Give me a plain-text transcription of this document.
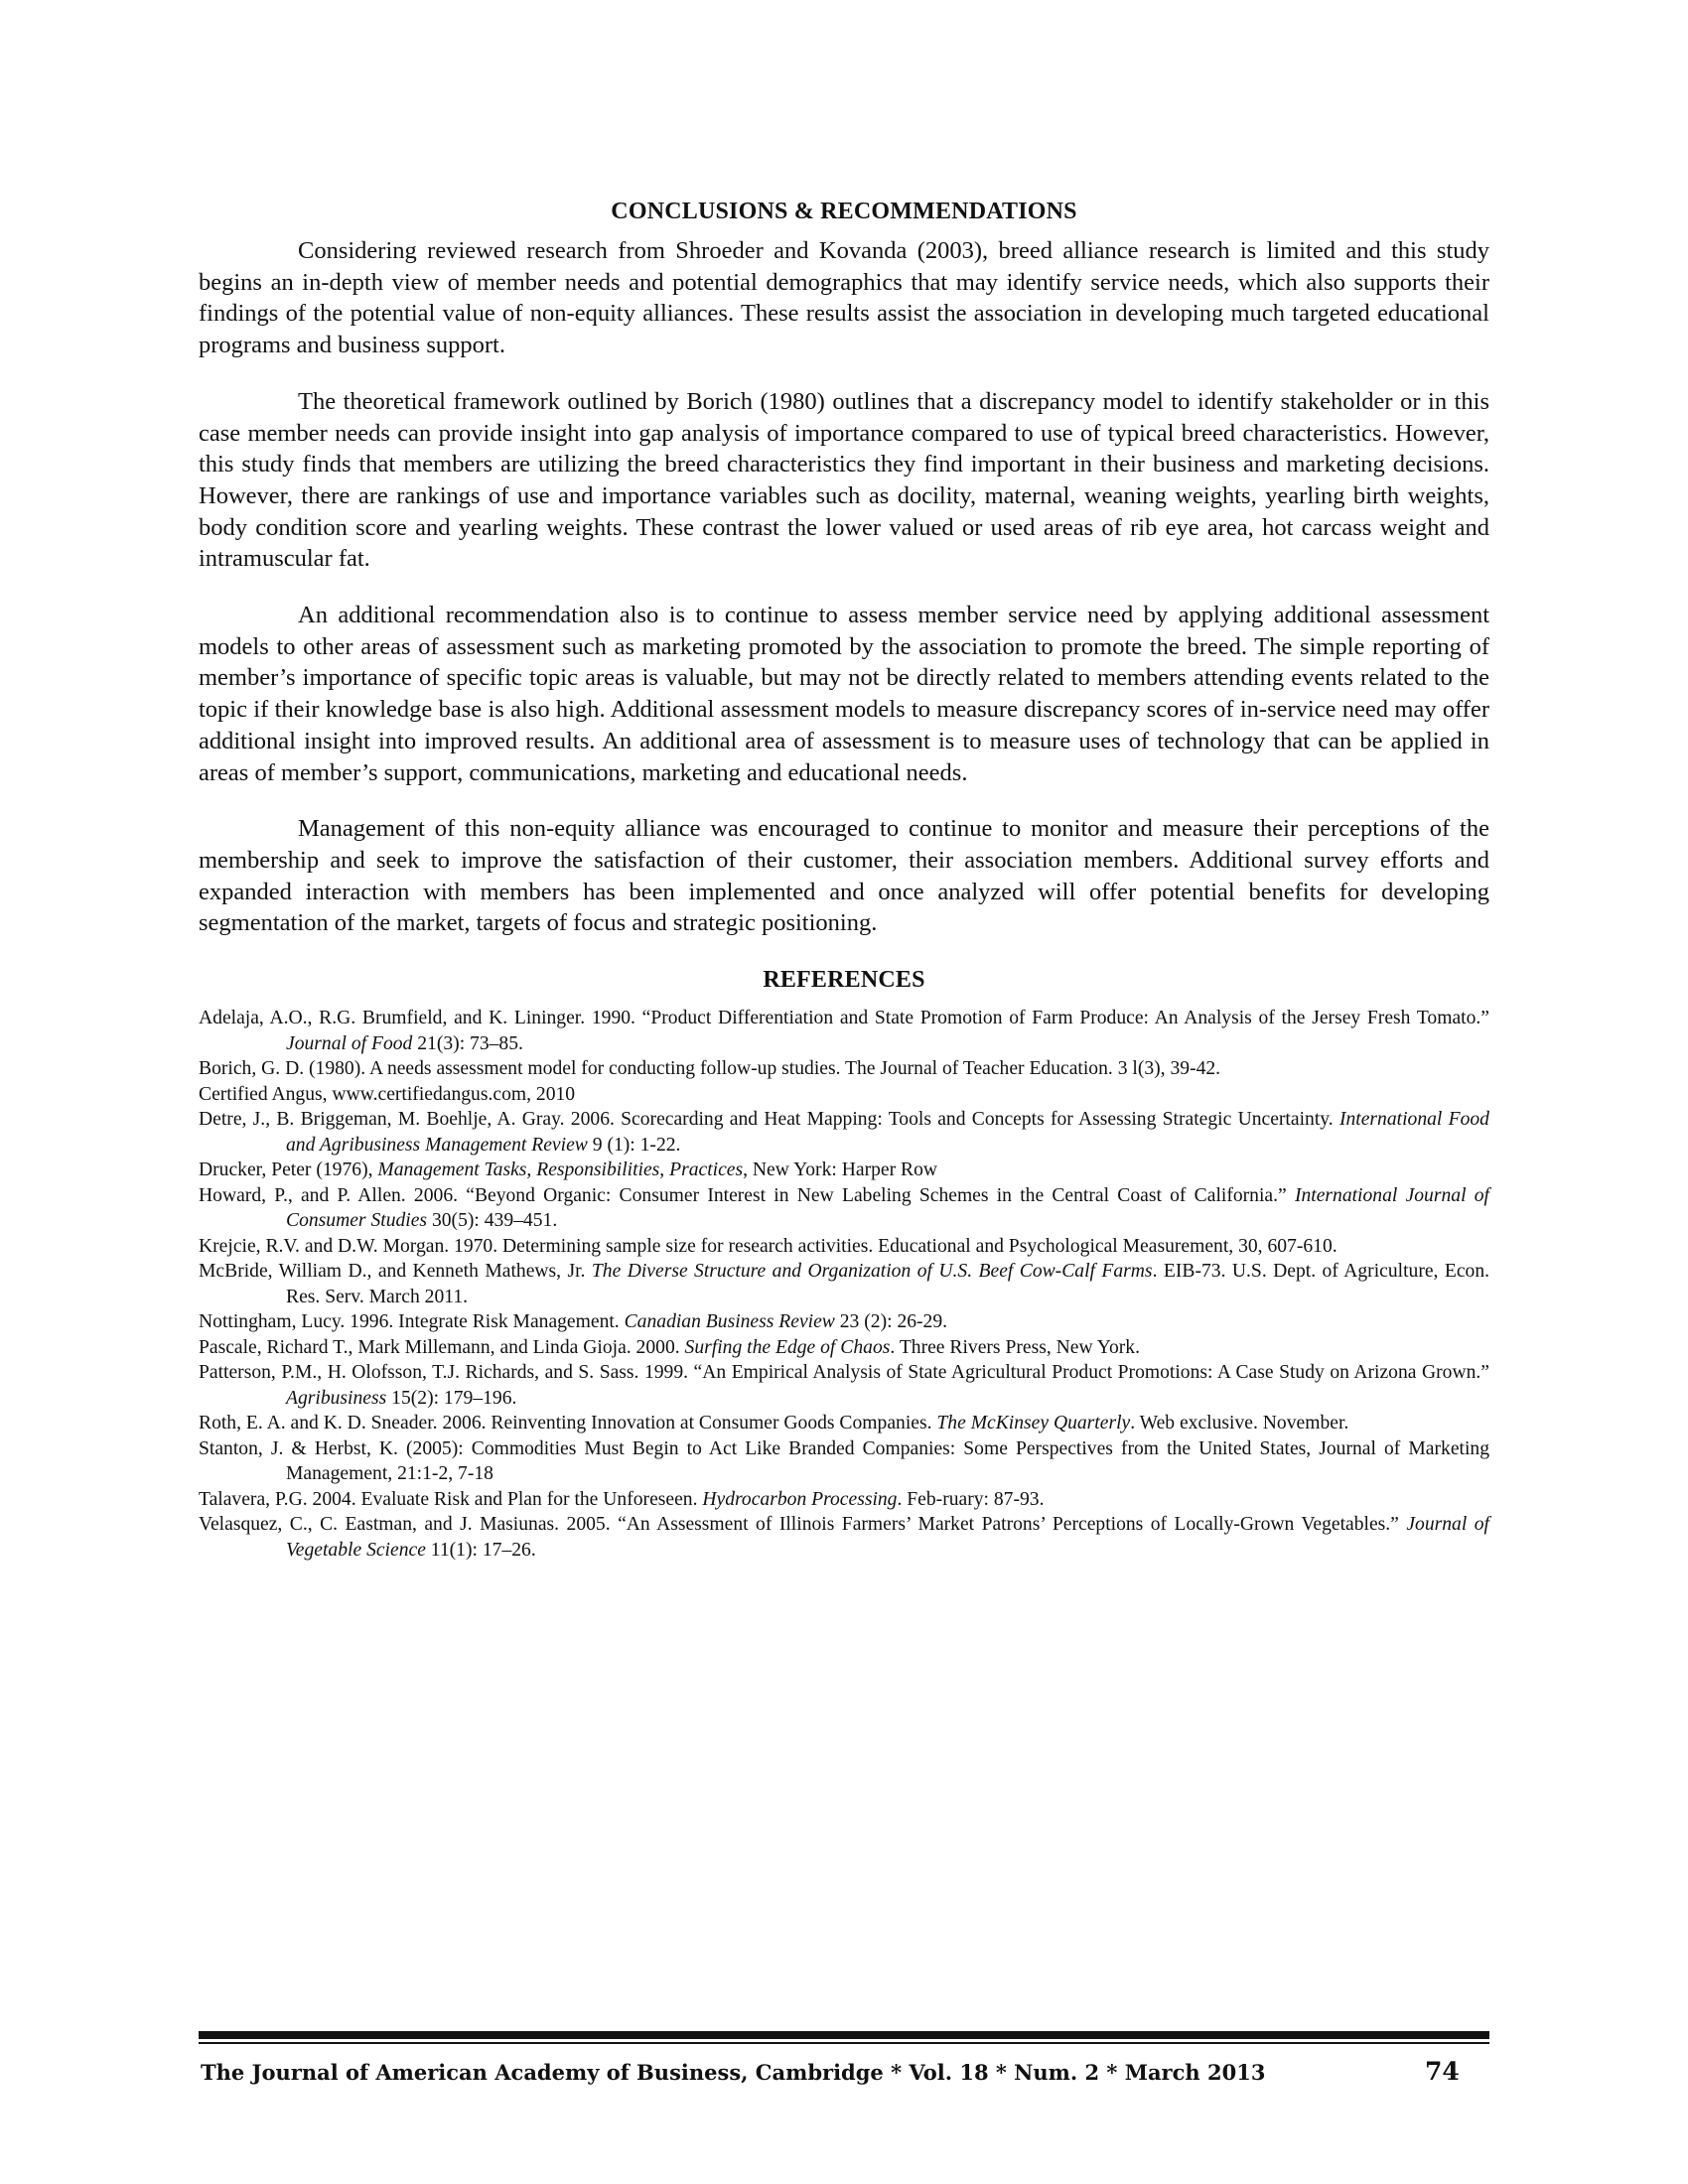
CONCLUSIONS & RECOMMENDATIONS

Considering reviewed research from Shroeder and Kovanda (2003), breed alliance research is limited and this study begins an in-depth view of member needs and potential demographics that may identify service needs, which also supports their findings of the potential value of non-equity alliances. These results assist the association in developing much targeted educational programs and business support.

The theoretical framework outlined by Borich (1980) outlines that a discrepancy model to identify stakeholder or in this case member needs can provide insight into gap analysis of importance compared to use of typical breed characteristics. However, this study finds that members are utilizing the breed characteristics they find important in their business and marketing decisions. However, there are rankings of use and importance variables such as docility, maternal, weaning weights, yearling birth weights, body condition score and yearling weights. These contrast the lower valued or used areas of rib eye area, hot carcass weight and intramuscular fat.

An additional recommendation also is to continue to assess member service need by applying additional assessment models to other areas of assessment such as marketing promoted by the association to promote the breed. The simple reporting of member’s importance of specific topic areas is valuable, but may not be directly related to members attending events related to the topic if their knowledge base is also high. Additional assessment models to measure discrepancy scores of in-service need may offer additional insight into improved results. An additional area of assessment is to measure uses of technology that can be applied in areas of member’s support, communications, marketing and educational needs.

Management of this non-equity alliance was encouraged to continue to monitor and measure their perceptions of the membership and seek to improve the satisfaction of their customer, their association members. Additional survey efforts and expanded interaction with members has been implemented and once analyzed will offer potential benefits for developing segmentation of the market, targets of focus and strategic positioning.

REFERENCES
Adelaja, A.O., R.G. Brumfield, and K. Lininger. 1990. “Product Differentiation and State Promotion of Farm Produce: An Analysis of the Jersey Fresh Tomato.” Journal of Food 21(3): 73–85.
Borich, G. D. (1980). A needs assessment model for conducting follow-up studies. The Journal of Teacher Education. 3 l(3), 39-42.
Certified Angus, www.certifiedangus.com, 2010
Detre, J., B. Briggeman, M. Boehlje, A. Gray. 2006. Scorecarding and Heat Mapping: Tools and Concepts for Assessing Strategic Uncertainty. International Food and Agribusiness Management Review 9 (1): 1-22.
Drucker, Peter (1976), Management Tasks, Responsibilities, Practices, New York: Harper Row
Howard, P., and P. Allen. 2006. “Beyond Organic: Consumer Interest in New Labeling Schemes in the Central Coast of California.” International Journal of Consumer Studies 30(5): 439–451.
Krejcie, R.V. and D.W. Morgan. 1970. Determining sample size for research activities. Educational and Psychological Measurement, 30, 607-610.
McBride, William D., and Kenneth Mathews, Jr. The Diverse Structure and Organization of U.S. Beef Cow-Calf Farms. EIB-73. U.S. Dept. of Agriculture, Econ. Res. Serv. March 2011.
Nottingham, Lucy. 1996. Integrate Risk Management. Canadian Business Review 23 (2): 26-29.
Pascale, Richard T., Mark Millemann, and Linda Gioja. 2000. Surfing the Edge of Chaos. Three Rivers Press, New York.
Patterson, P.M., H. Olofsson, T.J. Richards, and S. Sass. 1999. “An Empirical Analysis of State Agricultural Product Promotions: A Case Study on Arizona Grown.” Agribusiness 15(2): 179–196.
Roth, E. A. and K. D. Sneader. 2006. Reinventing Innovation at Consumer Goods Companies. The McKinsey Quarterly. Web exclusive. November.
Stanton, J. & Herbst, K. (2005): Commodities Must Begin to Act Like Branded Companies: Some Perspectives from the United States, Journal of Marketing Management, 21:1-2, 7-18
Talavera, P.G. 2004. Evaluate Risk and Plan for the Unforeseen. Hydrocarbon Processing. Feb-ruary: 87-93.
Velasquez, C., C. Eastman, and J. Masiunas. 2005. “An Assessment of Illinois Farmers’ Market Patrons’ Perceptions of Locally-Grown Vegetables.” Journal of Vegetable Science 11(1): 17–26.
The Journal of American Academy of Business, Cambridge * Vol. 18 * Num. 2 * March 2013	74
